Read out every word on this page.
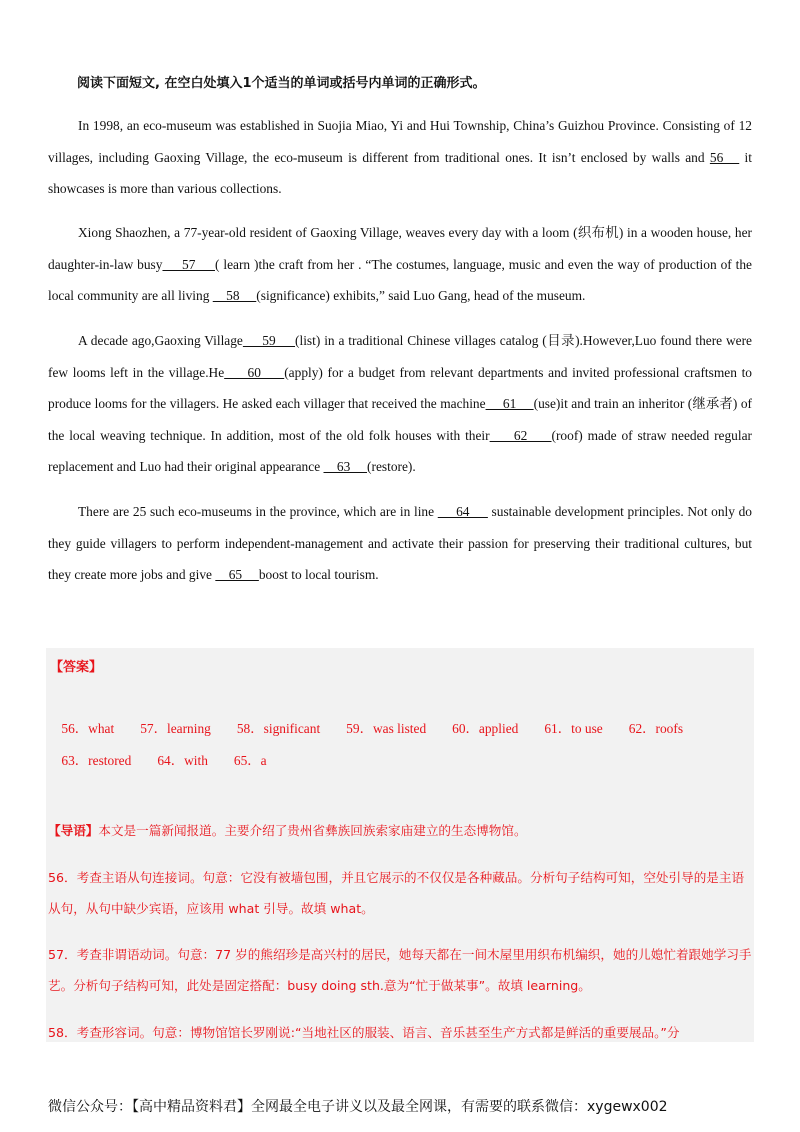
阅读下面短文, 在空白处填入1个适当的单词或括号内单词的正确形式。

In 1998, an eco-museum was established in Suojia Miao, Yi and Hui Township, China’s Guizhou Province. Consisting of 12 villages, including Gaoxing Village, the eco-museum is different from traditional ones. It isn’t enclosed by walls and 56    it showcases is more than various collections.

Xiong Shaozhen, a 77-year-old resident of Gaoxing Village, weaves every day with a loom (织布机) in a wooden house, her daughter-in-law busy     57     ( learn )the craft from her . “The costumes, language, music and even the way of production of the local community are all living     58     (significance) exhibits,” said Luo Gang, head of the museum.

A decade ago,Gaoxing Village     59     (list) in a traditional Chinese villages catalog (目录).However,Luo found there were few looms left in the village.He     60     (apply) for a budget from relevant departments and invited professional craftsmen to produce looms for the villagers. He asked each villager that received the machine     61     (use)it and train an inheritor (继承者) of the local weaving technique. In addition, most of the old folk houses with their     62     (roof) made of straw needed regular replacement and Luo had their original appearance     63     (restore).

There are 25 such eco-museums in the province, which are in line      64      sustainable development principles. Not only do they guide villagers to perform independent-management and activate their passion for preserving their traditional cultures, but they create more jobs and give     65     boost to local tourism.

【答案】

56．what 57．learning 58．significant 59．was listed 60．applied 61．to use 62．roofs

63．restored 64．with 65．a

【导语】本文是一篇新闻报道。主要介绍了贵州省彝族回族索家庙建立的生态博物馆。
56．考查主语从句连接词。句意：它没有被墙包围，并且它展示的不仅仅是各种藏品。分析句子结构可知，空处引导的是主语从句，从句中缺少宾语，应该用 what 引导。故填 what。
57．考查非谓语动词。句意：77 岁的熊绍珍是高兴村的居民，她每天都在一间木屋里用织布机编织，她的儿媳忙着跟她学习手艺。分析句子结构可知，此处是固定搭配：busy doing sth.意为“忙于做某事”。故填 learning。
58．考查形容词。句意：博物馆馆长罗刚说:“当地社区的服装、语言、音乐甚至生产方式都是鲜活的重要展品。”分
微信公众号：【高中精品资料君】全网最全电子讲义以及最全网课，有需要的联系微信：xygewx002
